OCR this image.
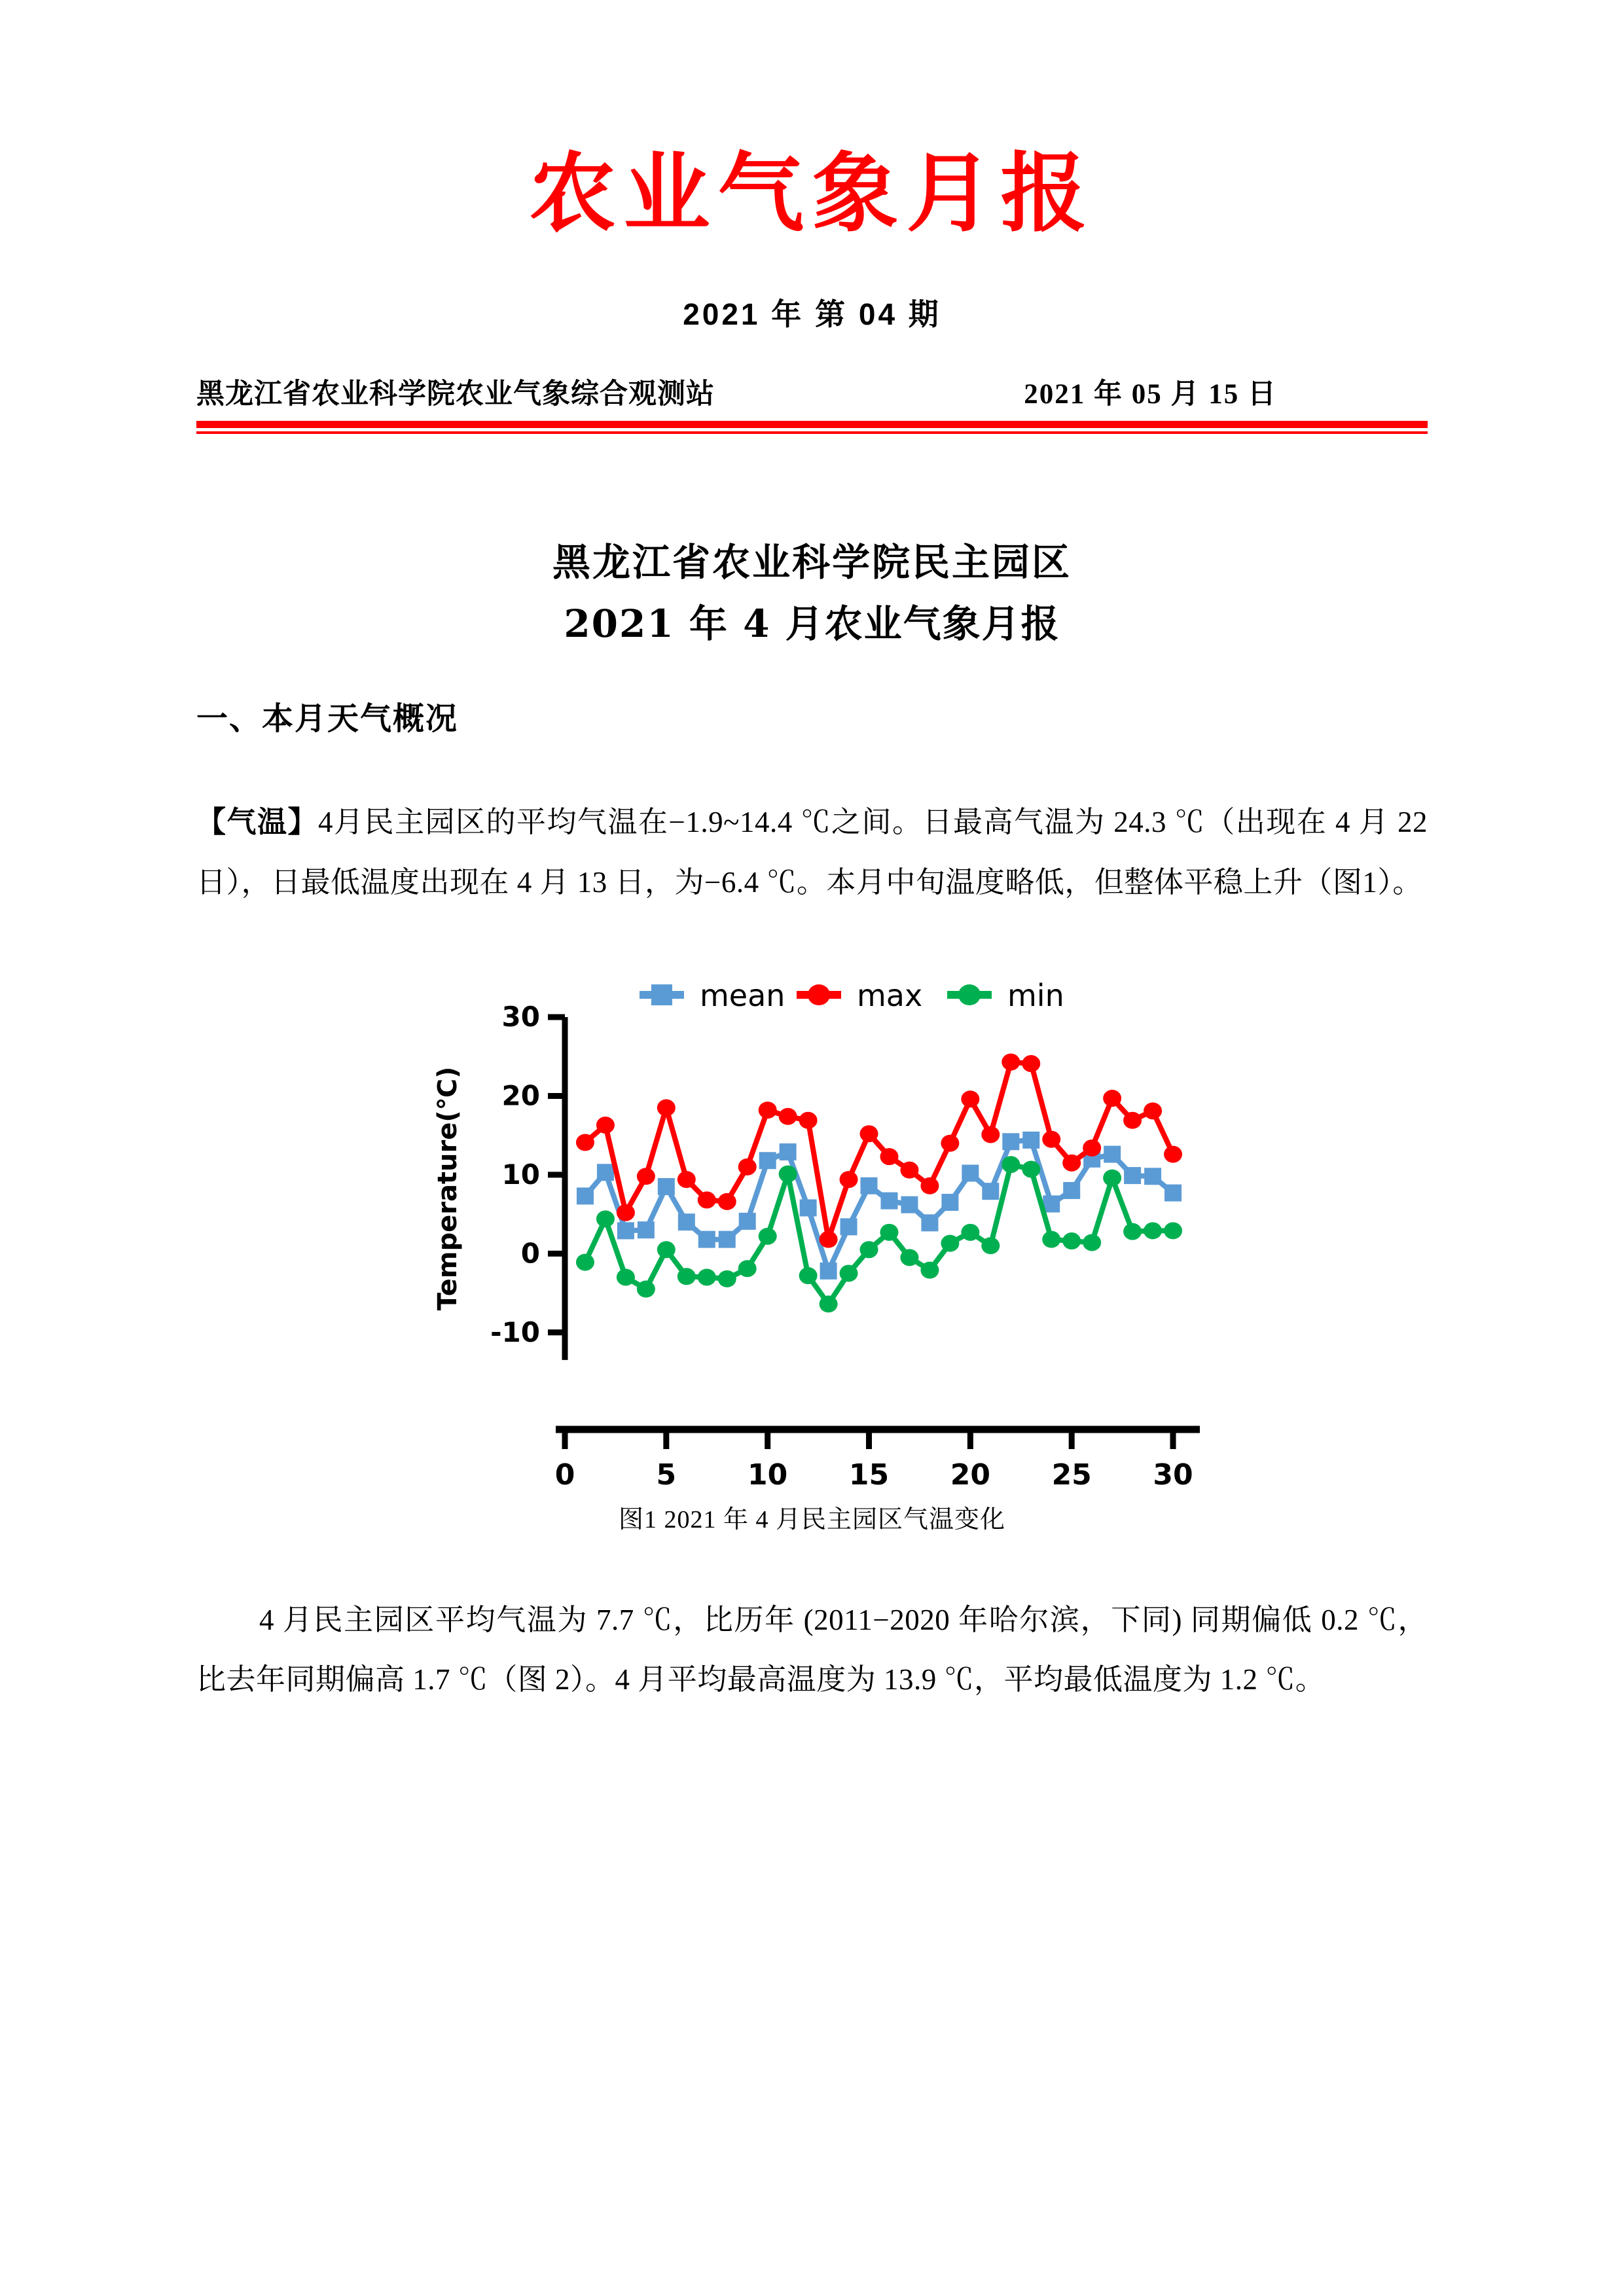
农业气象月报
2021 年 第 04 期
黑龙江省农业科学院农业气象综合观测站	2021 年 05 月 15 日
黑龙江省农业科学院民主园区
2021 年 4 月农业气象月报
一、本月天气概况

【气温】4月民主园区的平均气温在−1.9~14.4 ℃之间。日最高气温为 24.3 ℃（出现在 4 月 22 日），日最低温度出现在 4 月 13 日，为−6.4 ℃。本月中旬温度略低，但整体平稳上升（图1）。

-10
0
10
20
30
Temperature(℃)
0	5 10 15 20 25 30
mean max	min
图1 2021 年 4 月民主园区气温变化

4 月民主园区平均气温为 7.7 ℃，比历年 (2011−2020 年哈尔滨，下同) 同期偏低 0.2 ℃，比去年同期偏高 1.7 ℃（图 2）。4 月平均最高温度为 13.9 ℃，平均最低温度为 1.2 ℃。
